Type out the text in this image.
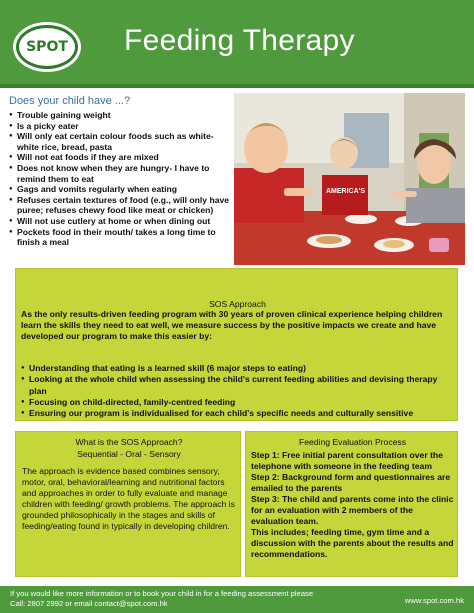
SPOT Feeding Therapy
Does your child have ...?
● Trouble gaining weight
● Is a picky eater
● Will only eat certain colour foods such as white- white rice, bread, pasta
● Will not eat foods if they are mixed
● Does not know when they are hungry- I have to remind them to eat
● Gags and vomits regularly when eating
● Refuses certain textures of food (e.g., will only have puree; refuses chewy food like meat or chicken)
● Will not use cutlery at home or when dining out
● Pockets food in their mouth/ takes a long time to finish a meal
AMERICA'S
SOS Approach
As the only results-driven feeding program with 30 years of proven clinical experience helping children learn the skills they need to eat well, we measure success by the positive impacts we create and have developed our program to make this easier by:
● Understanding that eating is a learned skill (6 major steps to eating)
● Looking at the whole child when assessing the child's current feeding abilities and devising therapy plan
● Focusing on child-directed, family-centred feeding
● Ensuring our program is individualised for each child's specific needs and culturally sensitive
What is the SOS Approach?
Sequential - Oral - Sensory
The approach is evidence based combines sensory, motor, oral, behavioral/learning and nutritional factors and approaches in order to fully evaluate and manage children with feeding/ growth problems. The approach is grounded philosophically in the stages and skills of feeding/eating found in typically in developing children.
Feeding Evaluation Process

Step 1: Free initial parent consultation over the telephone with someone in the feeding team

Step 2: Background form and questionnaires are emailed to the parents

Step 3: The child and parents come into the clinic for an evaluation with 2 members of the evaluation team.

This includes; feeding time, gym time and a discussion with the parents about the results and recommendations.

If you would like more information or to book your child in for a feeding assessment please
Call: 2807 2992 or email contact@spot.com.hk	www.spot.com.hk
